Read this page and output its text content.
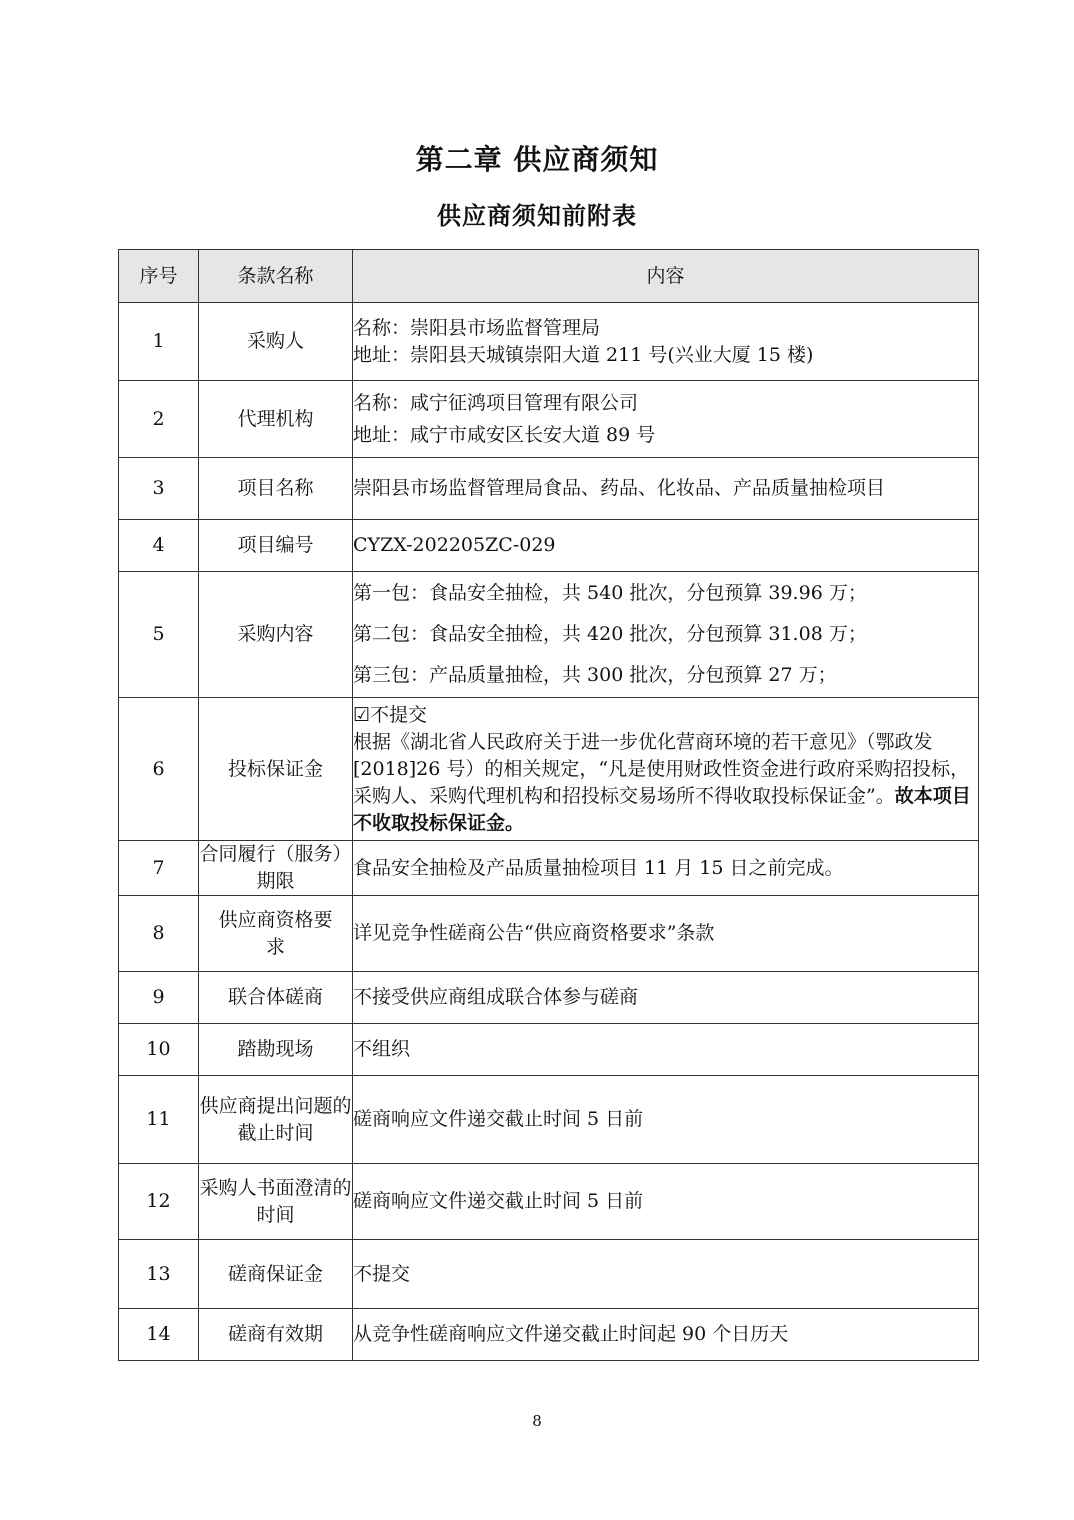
第二章 供应商须知
供应商须知前附表
序号	条款名称	内容
1	采购人	名称：崇阳县市场监督管理局
地址：崇阳县天城镇崇阳大道 211 号(兴业大厦 15 楼)

2	代理机构	名称：咸宁征鸿项目管理有限公司
地址：咸宁市咸安区长安大道 89 号

3	项目名称	崇阳县市场监督管理局食品、药品、化妆品、产品质量抽检项目

4	项目编号	CYZX-202205ZC-029

5	采购内容	第一包：食品安全抽检，共 540 批次，分包预算 39.96 万；
第二包：食品安全抽检，共 420 批次，分包预算 31.08 万；
第三包：产品质量抽检，共 300 批次，分包预算 27 万；

6	投标保证金	☑不提交
根据《湖北省人民政府关于进一步优化营商环境的若干意见》（鄂政发[2018]26 号）的相关规定，“凡是使用财政性资金进行政府采购招投标，采购人、采购代理机构和招投标交易场所不得收取投标保证金”。故本项目不收取投标保证金。
7	合同履行（服务）期限	食品安全抽检及产品质量抽检项目 11 月 15 日之前完成。

8	供应商资格要求	详见竞争性磋商公告“供应商资格要求”条款

9	联合体磋商	不接受供应商组成联合体参与磋商

10	踏勘现场	不组织

11	供应商提出问题的截止时间	磋商响应文件递交截止时间 5 日前

12	采购人书面澄清的时间	磋商响应文件递交截止时间 5 日前

13	磋商保证金	不提交

14	磋商有效期	从竞争性磋商响应文件递交截止时间起 90 个日历天
8
